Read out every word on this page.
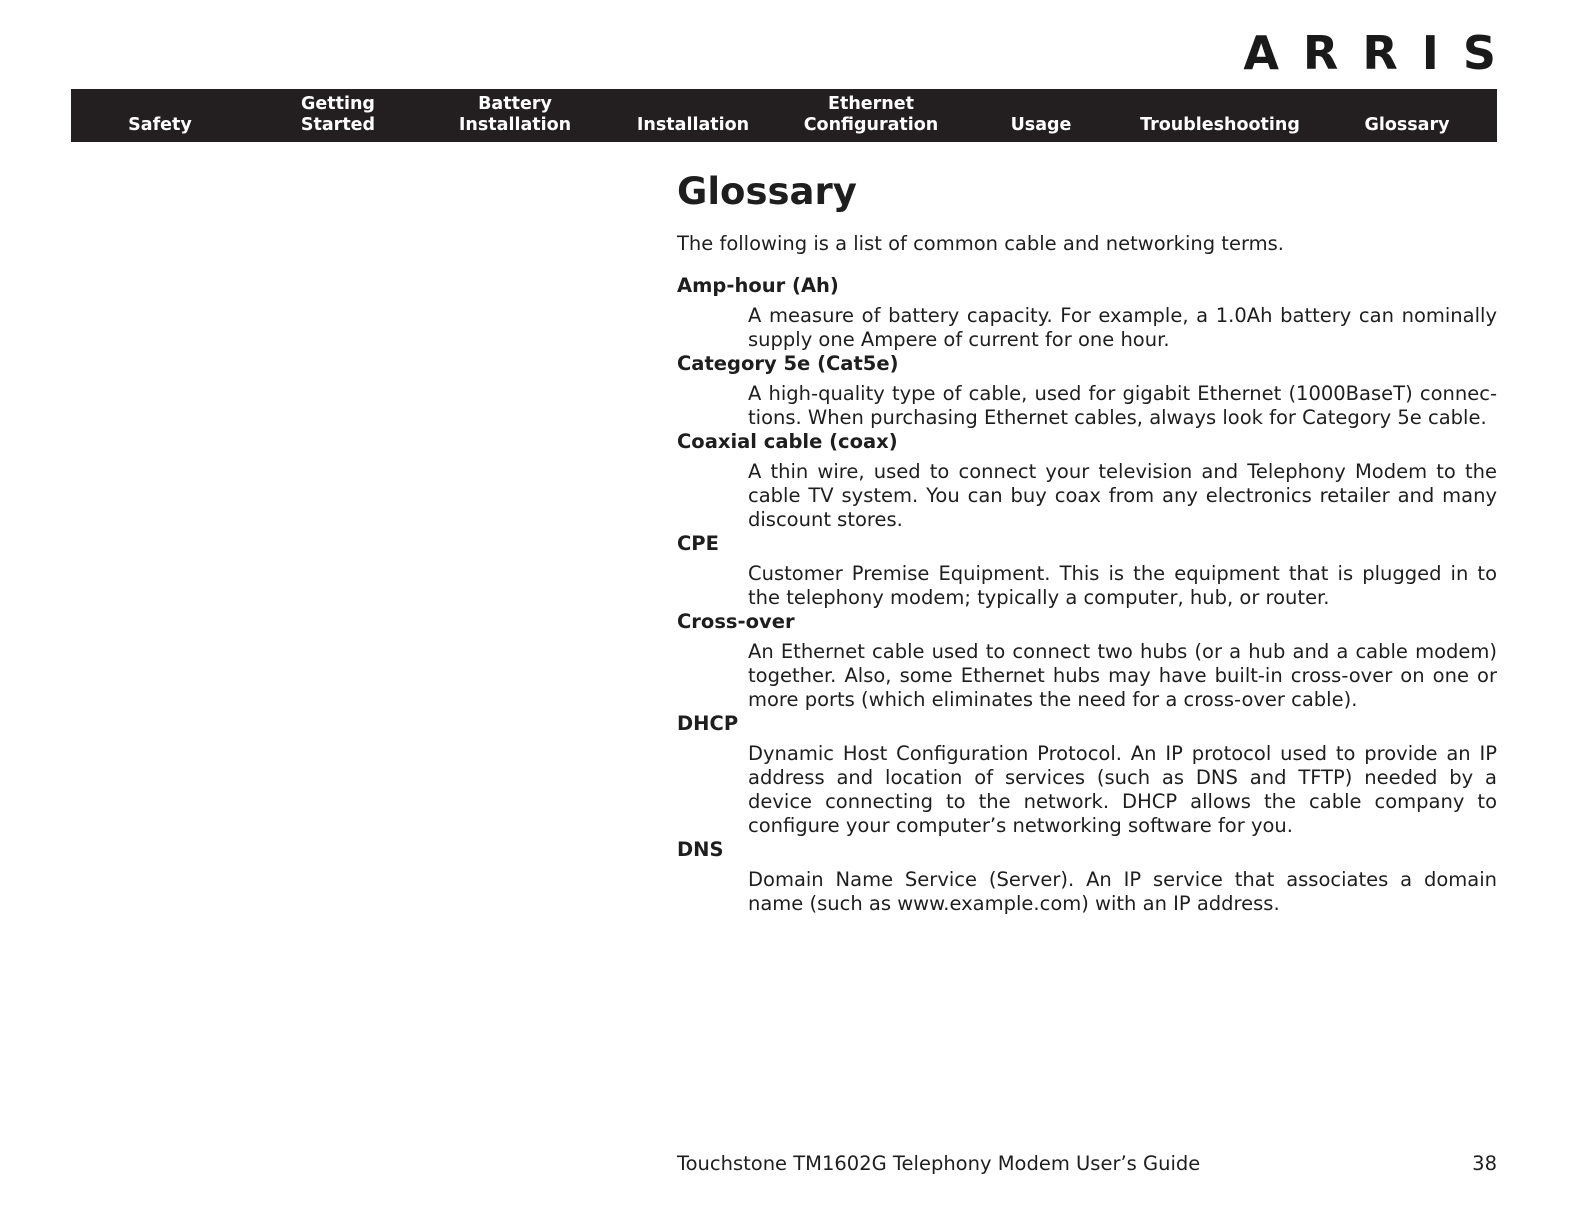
ARRIS
Safety
Getting
Started
Battery
Installation	Installation
Ethernet
Configuration	Usage	Troubleshooting	Glossary
Glossary

The following is a list of common cable and networking terms.

Amp-hour (Ah)
A measure of battery capacity. For example, a 1.0Ah battery can nominally supply one Ampere of current for one hour.
Category 5e (Cat5e)
A high-quality type of cable, used for gigabit Ethernet (1000BaseT) connections. When purchasing Ethernet cables, always look for Category 5e cable.
Coaxial cable (coax)
A thin wire, used to connect your television and Telephony Modem to the cable TV system. You can buy coax from any electronics retailer and many discount stores.
CPE
Customer Premise Equipment. This is the equipment that is plugged in to the telephony modem; typically a computer, hub, or router.
Cross-over
An Ethernet cable used to connect two hubs (or a hub and a cable modem) together. Also, some Ethernet hubs may have built-in cross-over on one or more ports (which eliminates the need for a cross-over cable).
DHCP
Dynamic Host Configuration Protocol. An IP protocol used to provide an IP address and location of services (such as DNS and TFTP) needed by a device connecting to the network. DHCP allows the cable company to configure your computer’s networking software for you.
DNS
Domain Name Service (Server). An IP service that associates a domain name (such as www.example.com) with an IP address.
Touchstone TM1602G Telephony Modem User’s Guide	38
